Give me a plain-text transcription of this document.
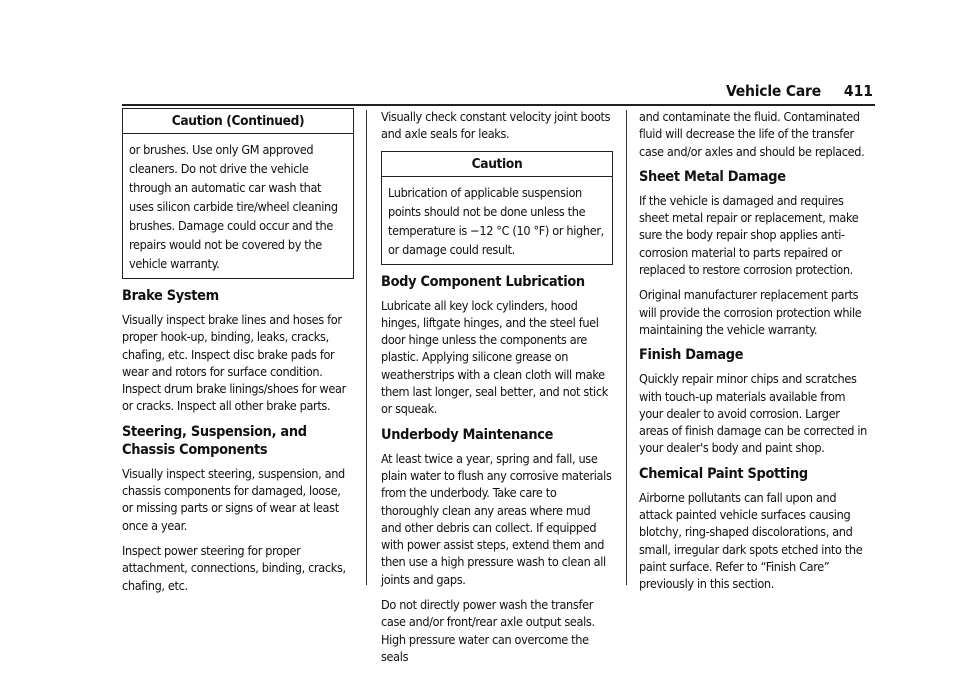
Vehicle Care 411
Caution (Continued)
or brushes. Use only GM approved cleaners. Do not drive the vehicle through an automatic car wash that uses silicon carbide tire/wheel cleaning brushes. Damage could occur and the repairs would not be covered by the vehicle warranty.
Brake System

Visually inspect brake lines and hoses for proper hook-up, binding, leaks, cracks, chafing, etc. Inspect disc brake pads for wear and rotors for surface condition. Inspect drum brake linings/shoes for wear or cracks. Inspect all other brake parts.

Steering, Suspension, and Chassis Components

Visually inspect steering, suspension, and chassis components for damaged, loose, or missing parts or signs of wear at least once a year.

Inspect power steering for proper attachment, connections, binding, cracks, chafing, etc.

Visually check constant velocity joint boots and axle seals for leaks.

Caution
Lubrication of applicable suspension points should not be done unless the temperature is −12 °C (10 °F) or higher, or damage could result.
Body Component Lubrication

Lubricate all key lock cylinders, hood hinges, liftgate hinges, and the steel fuel door hinge unless the components are plastic. Applying silicone grease on weatherstrips with a clean cloth will make them last longer, seal better, and not stick or squeak.

Underbody Maintenance

At least twice a year, spring and fall, use plain water to flush any corrosive materials from the underbody. Take care to thoroughly clean any areas where mud and other debris can collect. If equipped with power assist steps, extend them and then use a high pressure wash to clean all joints and gaps.

Do not directly power wash the transfer case and/or front/rear axle output seals. High pressure water can overcome the seals

and contaminate the fluid. Contaminated fluid will decrease the life of the transfer case and/or axles and should be replaced.

Sheet Metal Damage

If the vehicle is damaged and requires sheet metal repair or replacement, make sure the body repair shop applies anti-corrosion material to parts repaired or replaced to restore corrosion protection.

Original manufacturer replacement parts will provide the corrosion protection while maintaining the vehicle warranty.

Finish Damage

Quickly repair minor chips and scratches with touch-up materials available from your dealer to avoid corrosion. Larger areas of finish damage can be corrected in your dealer's body and paint shop.

Chemical Paint Spotting

Airborne pollutants can fall upon and attack painted vehicle surfaces causing blotchy, ring-shaped discolorations, and small, irregular dark spots etched into the paint surface. Refer to “Finish Care” previously in this section.
